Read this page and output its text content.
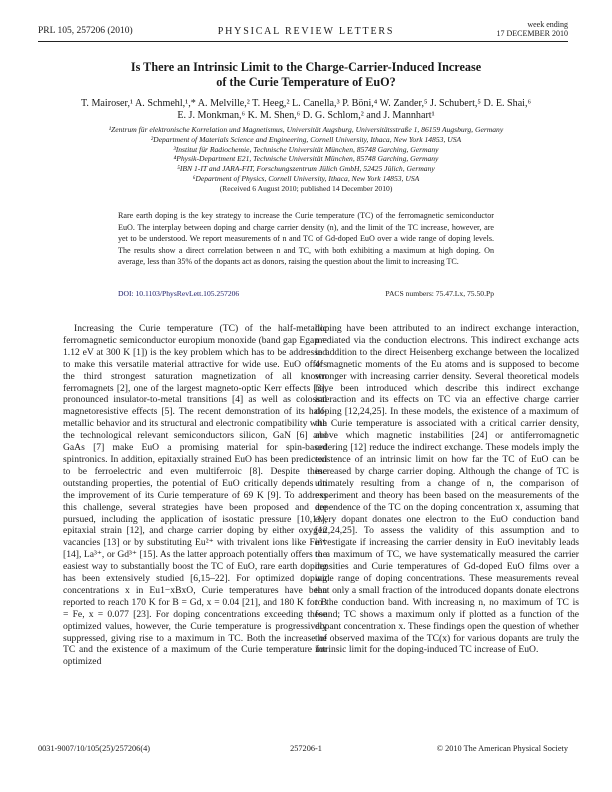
PRL 105, 257206 (2010)	PHYSICAL REVIEW LETTERS
week ending
17 DECEMBER 2010
Is There an Intrinsic Limit to the Charge-Carrier-Induced Increase
of the Curie Temperature of EuO?
T. Mairoser,¹ A. Schmehl,¹,* A. Melville,² T. Heeg,² L. Canella,³ P. Böni,⁴ W. Zander,⁵ J. Schubert,⁵ D. E. Shai,⁶
E. J. Monkman,⁶ K. M. Shen,⁶ D. G. Schlom,² and J. Mannhart¹
¹Zentrum für elektronische Korrelation und Magnetismus, Universität Augsburg, Universitätsstraße 1, 86159 Augsburg, Germany
²Department of Materials Science and Engineering, Cornell University, Ithaca, New York 14853, USA
³Institut für Radiochemie, Technische Universität München, 85748 Garching, Germany
⁴Physik-Department E21, Technische Universität München, 85748 Garching, Germany
⁵IBN 1-IT and JARA-FIT, Forschungszentrum Jülich GmbH, 52425 Jülich, Germany
⁶Department of Physics, Cornell University, Ithaca, New York 14853, USA
(Received 6 August 2010; published 14 December 2010)
Rare earth doping is the key strategy to increase the Curie temperature (TC) of the ferromagnetic semiconductor EuO. The interplay between doping and charge carrier density (n), and the limit of the TC increase, however, are yet to be understood. We report measurements of n and TC of Gd-doped EuO over a wide range of doping levels. The results show a direct correlation between n and TC, with both exhibiting a maximum at high doping. On average, less than 35% of the dopants act as donors, raising the question about the limit to increasing TC.
DOI: 10.1103/PhysRevLett.105.257206	PACS numbers: 75.47.Lx, 75.50.Pp

Increasing the Curie temperature (TC) of the half-metallic ferromagnetic semiconductor europium monoxide (band gap Egap = 1.12 eV at 300 K [1]) is the key problem which has to be addressed to make this versatile material attractive for wide use. EuO offers the third strongest saturation magnetization of all known ferromagnets [2], one of the largest magneto-optic Kerr effects [3], pronounced insulator-to-metal transitions [4] as well as colossal magnetoresistive effects [5]. The recent demonstration of its half-metallic behavior and its structural and electronic compatibility with the technological relevant semiconductors silicon, GaN [6] and GaAs [7] make EuO a promising material for spin-based spintronics. In addition, epitaxially strained EuO has been predicted to be ferroelectric and even multiferroic [8]. Despite these outstanding properties, the potential of EuO critically depends on the improvement of its Curie temperature of 69 K [9]. To address this challenge, several strategies have been proposed and are pursued, including the application of isostatic pressure [10,11], epitaxial strain [12], and charge carrier doping by either oxygen vacancies [13] or by substituting Eu²⁺ with trivalent ions like Fe³⁺ [14], La³⁺, or Gd³⁺ [15]. As the latter approach potentially offers the easiest way to substantially boost the TC of EuO, rare earth doping has been extensively studied [6,15–22]. For optimized doping concentrations x in Eu1−xBxO, Curie temperatures have been reported to reach 170 K for B = Gd, x = 0.04 [21], and 180 K for B = Fe, x = 0.077 [23]. For doping concentrations exceeding these optimized values, however, the Curie temperature is progressively suppressed, giving rise to a maximum in TC. Both the increase of TC and the existence of a maximum of the Curie temperature for optimized

doping have been attributed to an indirect exchange interaction, mediated via the conduction electrons. This indirect exchange acts in addition to the direct Heisenberg exchange between the localized 4f magnetic moments of the Eu atoms and is supposed to become stronger with increasing carrier density. Several theoretical models have been introduced which describe this indirect exchange interaction and its effects on TC via an effective charge carrier doping [12,24,25]. In these models, the existence of a maximum of the Curie temperature is associated with a critical carrier density, above which magnetic instabilities [24] or antiferromagnetic ordering [12] reduce the indirect exchange. These models imply the existence of an intrinsic limit on how far the TC of EuO can be increased by charge carrier doping. Although the change of TC is ultimately resulting from a change of n, the comparison of experiment and theory has been based on the measurements of the dependence of the TC on the doping concentration x, assuming that every dopant donates one electron to the EuO conduction band [12,24,25]. To assess the validity of this assumption and to investigate if increasing the carrier density in EuO inevitably leads to a maximum of TC, we have systematically measured the carrier densities and Curie temperatures of Gd-doped EuO films over a wide range of doping concentrations. These measurements reveal that only a small fraction of the introduced dopants donate electrons to the conduction band. With increasing n, no maximum of TC is found; TC shows a maximum only if plotted as a function of the dopant concentration x. These findings open the question of whether the observed maxima of the TC(x) for various dopants are truly the intrinsic limit for the doping-induced TC increase of EuO.

0031-9007/10/105(25)/257206(4)	257206-1	© 2010 The American Physical Society
